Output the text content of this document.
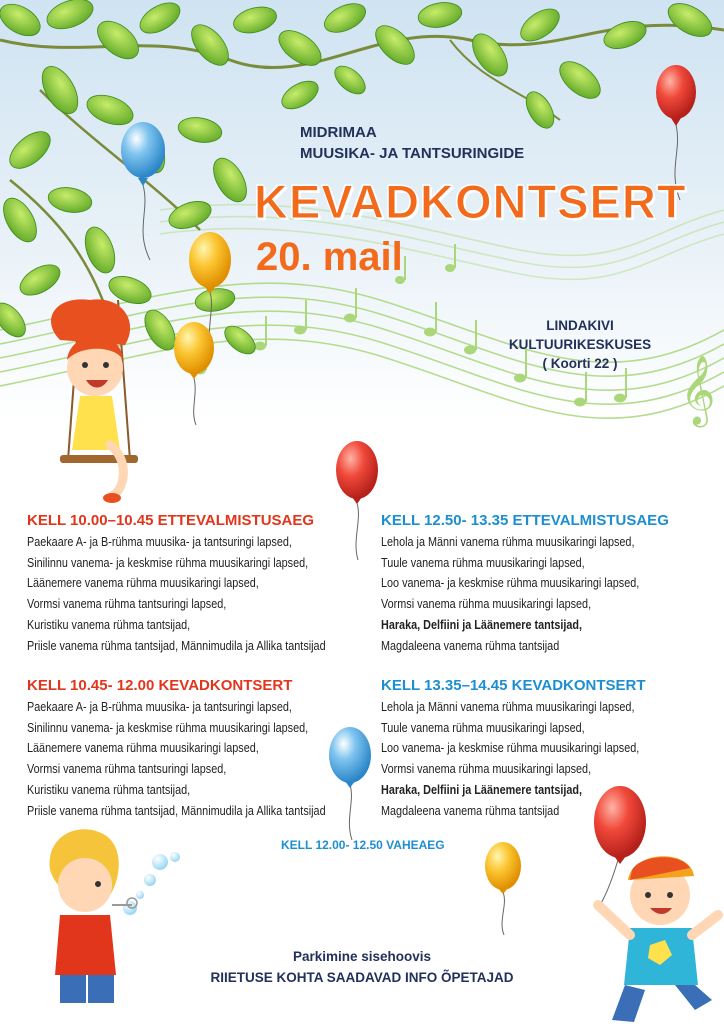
𝄞
MIDRIMAA
MUUSIKA- JA TANTSURINGIDE
KEVADKONTSERT
20. mail
LINDAKIVI
KULTUURIKESKUSES
( Koorti 22 )
KELL 10.00–10.45 ETTEVALMISTUSAEG
Paekaare A- ja B-rühma muusika- ja tantsuringi lapsed,
Sinilinnu vanema- ja keskmise rühma muusikaringi lapsed,
Läänemere vanema rühma muusikaringi lapsed,
Vormsi vanema rühma tantsuringi lapsed,
Kuristiku vanema rühma tantsijad,
Priisle vanema rühma tantsijad, Männimudila ja Allika tantsijad
KELL 12.50- 13.35 ETTEVALMISTUSAEG
Lehola ja Männi vanema rühma muusikaringi lapsed,
Tuule vanema rühma muusikaringi lapsed,
Loo vanema- ja keskmise rühma muusikaringi lapsed,
Vormsi vanema rühma muusikaringi lapsed,
Haraka, Delfiini ja Läänemere tantsijad,
Magdaleena vanema rühma tantsijad
KELL 10.45- 12.00 KEVADKONTSERT
Paekaare A- ja B-rühma muusika- ja tantsuringi lapsed,
Sinilinnu vanema- ja keskmise rühma muusikaringi lapsed,
Läänemere vanema rühma muusikaringi lapsed,
Vormsi vanema rühma tantsuringi lapsed,
Kuristiku vanema rühma tantsijad,
Priisle vanema rühma tantsijad, Männimudila ja Allika tantsijad
KELL 13.35–14.45 KEVADKONTSERT
Lehola ja Männi vanema rühma muusikaringi lapsed,
Tuule vanema rühma muusikaringi lapsed,
Loo vanema- ja keskmise rühma muusikaringi lapsed,
Vormsi vanema rühma muusikaringi lapsed,
Haraka, Delfiini ja Läänemere tantsijad,
Magdaleena vanema rühma tantsijad
KELL 12.00- 12.50 VAHEAEG
Parkimine sisehoovis
RIIETUSE KOHTA SAADAVAD INFO ÕPETAJAD
